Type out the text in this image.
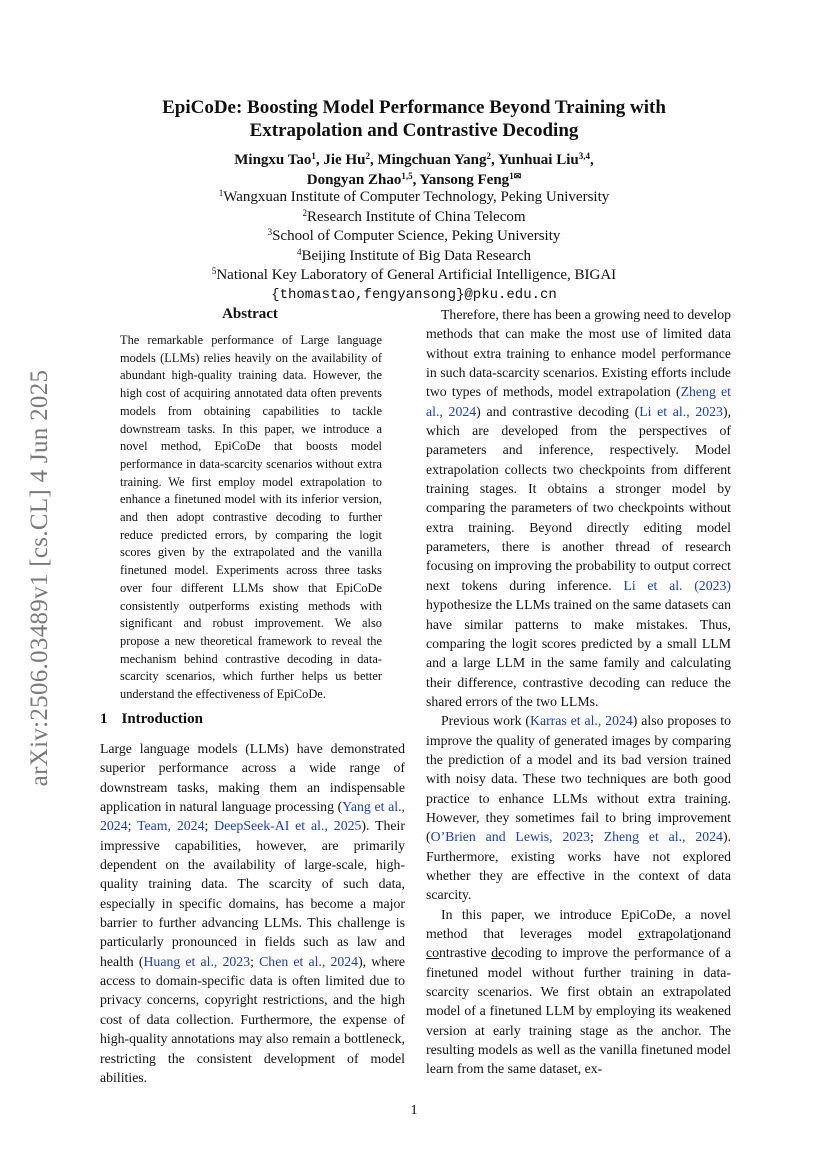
arXiv:2506.03489v1 [cs.CL] 4 Jun 2025
EpiCoDe: Boosting Model Performance Beyond Training with
Extrapolation and Contrastive Decoding
Mingxu Tao$^1$, Jie Hu$^2$, Mingchuan Yang$^2$, Yunhuai Liu$^{3,4}$,
Dongyan Zhao$^{1,5}$, Yansong Feng$^{1✉}$
$^1$Wangxuan Institute of Computer Technology, Peking University
$^2$Research Institute of China Telecom
$^3$School of Computer Science, Peking University
$^4$Beijing Institute of Big Data Research
$^5$National Key Laboratory of General Artificial Intelligence, BIGAI
{thomastao,fengyansong}@pku.edu.cn
Abstract

The remarkable performance of Large language models (LLMs) relies heavily on the availability of abundant high-quality training data. However, the high cost of acquiring annotated data often prevents models from obtaining capabilities to tackle downstream tasks. In this paper, we introduce a novel method, EpiCoDe that boosts model performance in data-scarcity scenarios without extra training. We first employ model extrapolation to enhance a finetuned model with its inferior version, and then adopt contrastive decoding to further reduce predicted errors, by comparing the logit scores given by the extrapolated and the vanilla finetuned model. Experiments across three tasks over four different LLMs show that EpiCoDe consistently outperforms existing methods with significant and robust improvement. We also propose a new theoretical framework to reveal the mechanism behind contrastive decoding in data-scarcity scenarios, which further helps us better understand the effectiveness of EpiCoDe.

1 Introduction

Large language models (LLMs) have demonstrated superior performance across a wide range of downstream tasks, making them an indispensable application in natural language processing (Yang et al., 2024; Team, 2024; DeepSeek-AI et al., 2025). Their impressive capabilities, however, are primarily dependent on the availability of large-scale, high-quality training data. The scarcity of such data, especially in specific domains, has become a major barrier to further advancing LLMs. This challenge is particularly pronounced in fields such as law and health (Huang et al., 2023; Chen et al., 2024), where access to domain-specific data is often limited due to privacy concerns, copyright restrictions, and the high cost of data collection. Furthermore, the expense of high-quality annotations may also remain a bottleneck, restricting the consistent development of model abilities.

Therefore, there has been a growing need to develop methods that can make the most use of limited data without extra training to enhance model performance in such data-scarcity scenarios. Existing efforts include two types of methods, model extrapolation (Zheng et al., 2024) and contrastive decoding (Li et al., 2023), which are developed from the perspectives of parameters and inference, respectively. Model extrapolation collects two checkpoints from different training stages. It obtains a stronger model by comparing the parameters of two checkpoints without extra training. Beyond directly editing model parameters, there is another thread of research focusing on improving the probability to output correct next tokens during inference. Li et al. (2023) hypothesize the LLMs trained on the same datasets can have similar patterns to make mistakes. Thus, comparing the logit scores predicted by a small LLM and a large LLM in the same family and calculating their difference, contrastive decoding can reduce the shared errors of the two LLMs.

Previous work (Karras et al., 2024) also proposes to improve the quality of generated images by comparing the prediction of a model and its bad version trained with noisy data. These two techniques are both good practice to enhance LLMs without extra training. However, they sometimes fail to bring improvement (O’Brien and Lewis, 2023; Zheng et al., 2024). Furthermore, existing works have not explored whether they are effective in the context of data scarcity.

In this paper, we introduce EpiCoDe, a novel method that leverages model extrapolationand contrastive decoding to improve the performance of a finetuned model without further training in data-scarcity scenarios. We first obtain an extrapolated model of a finetuned LLM by employing its weakened version at early training stage as the anchor. The resulting models as well as the vanilla finetuned model learn from the same dataset, ex-

1
